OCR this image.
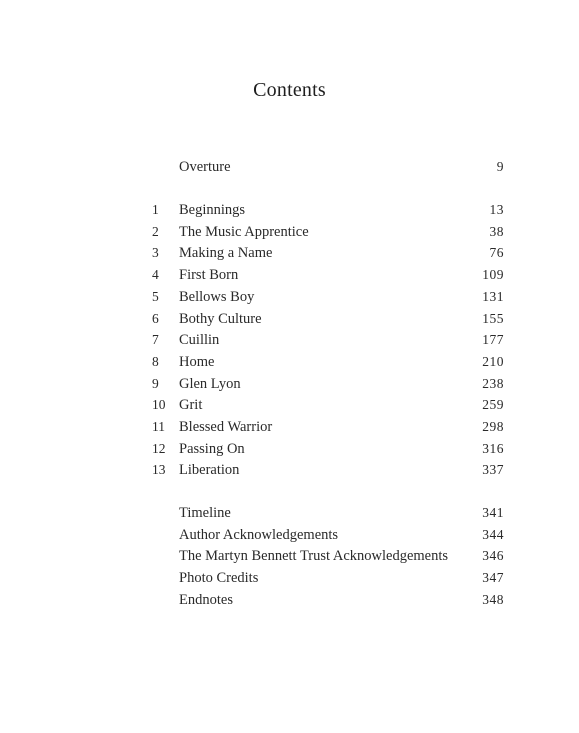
Contents
Overture	9
1	Beginnings	13
2	The Music Apprentice	38
3	Making a Name	76
4	First Born	109
5	Bellows Boy	131
6	Bothy Culture	155
7	Cuillin	177
8	Home	210
9	Glen Lyon	238
10 Grit	259
11 Blessed Warrior	298
12 Passing On	316
13 Liberation	337
Timeline	341
Author Acknowledgements	344
The Martyn Bennett Trust Acknowledgements	346
Photo Credits	347
Endnotes	348
